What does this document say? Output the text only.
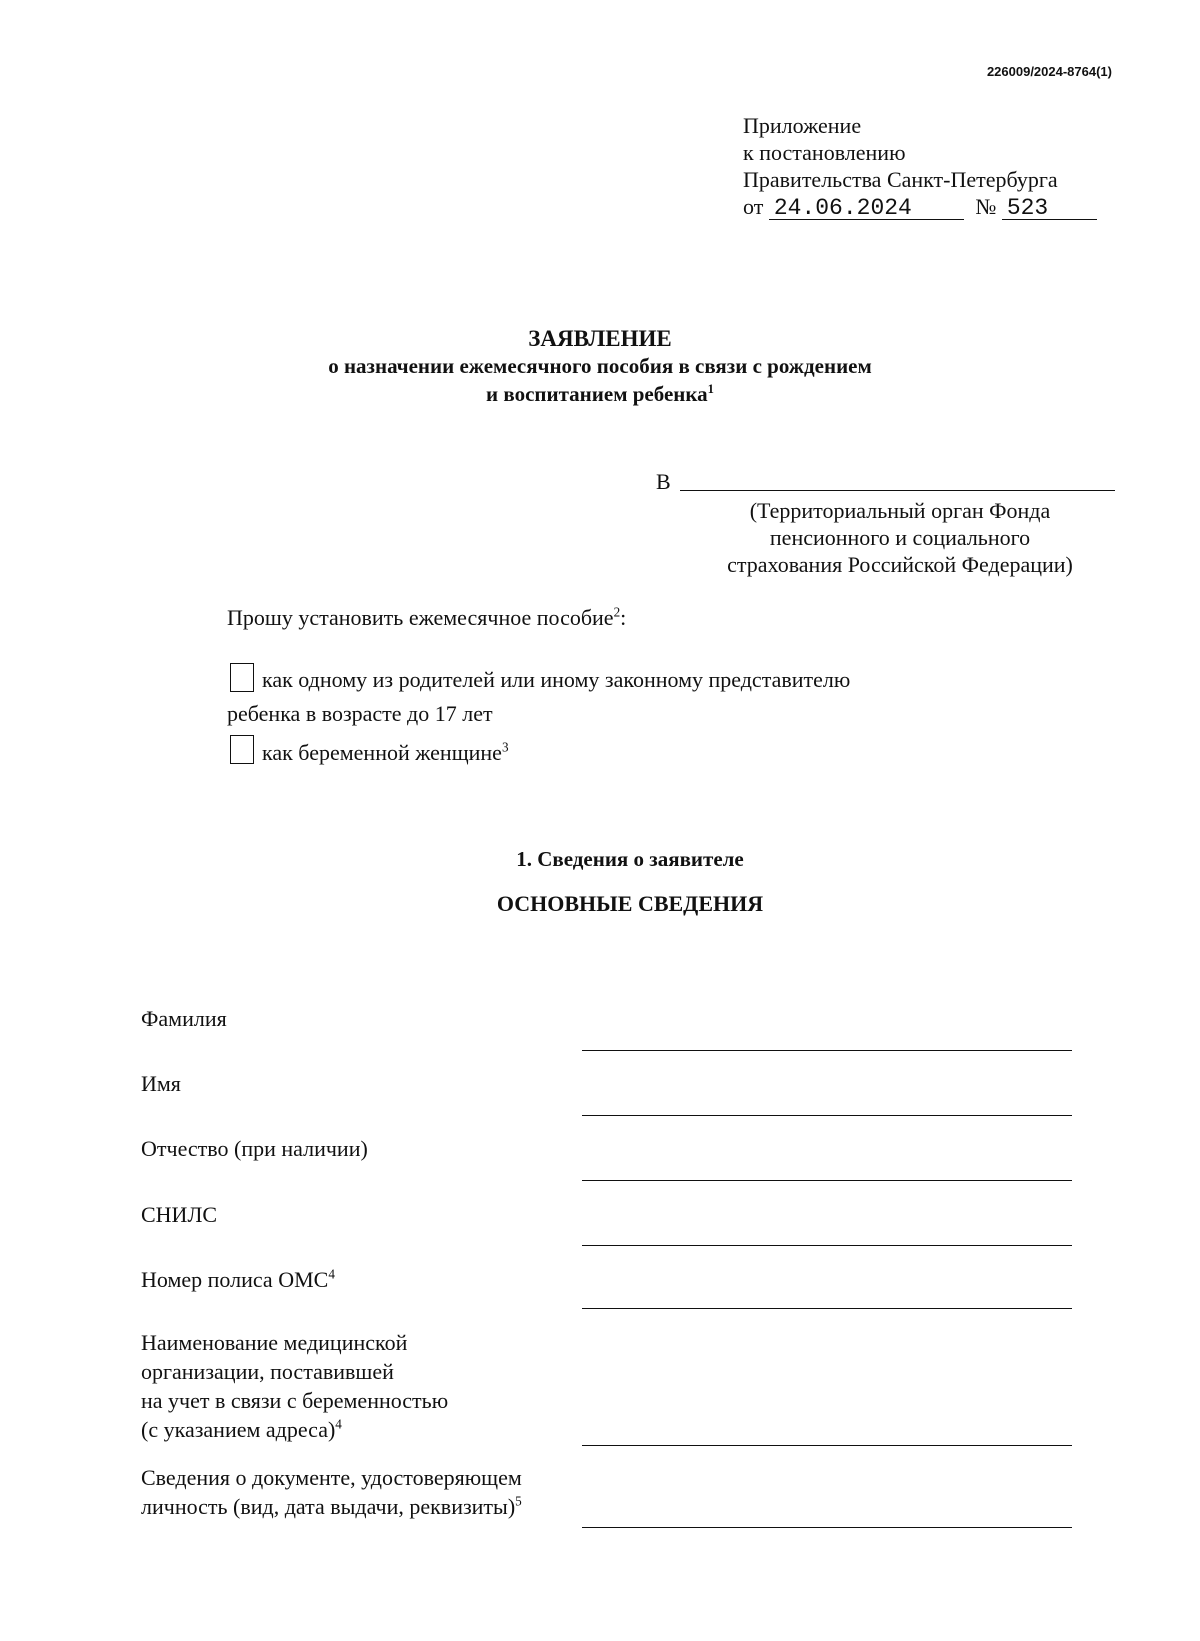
226009/2024-8764(1)
Приложение
к постановлению
Правительства Санкт-Петербурга
от 24.06.2024	№ 523
ЗАЯВЛЕНИЕ
о назначении ежемесячного пособия в связи с рождением
и воспитанием ребенка$^1$
В
(Территориальный орган Фонда
пенсионного и социального
страхования Российской Федерации)
Прошу установить ежемесячное пособие$^2$:
как одному из родителей или иному законному представителю
ребенка в возрасте до 17 лет
как беременной женщине$^3$
1. Сведения о заявителе
ОСНОВНЫЕ СВЕДЕНИЯ
Фамилия
Имя
Отчество (при наличии)
СНИЛС
Номер полиса ОМС$^4$
Наименование медицинской
организации, поставившей
на учет в связи с беременностью
(с указанием адреса)$^4$
Сведения о документе, удостоверяющем
личность (вид, дата выдачи, реквизиты)$^5$
